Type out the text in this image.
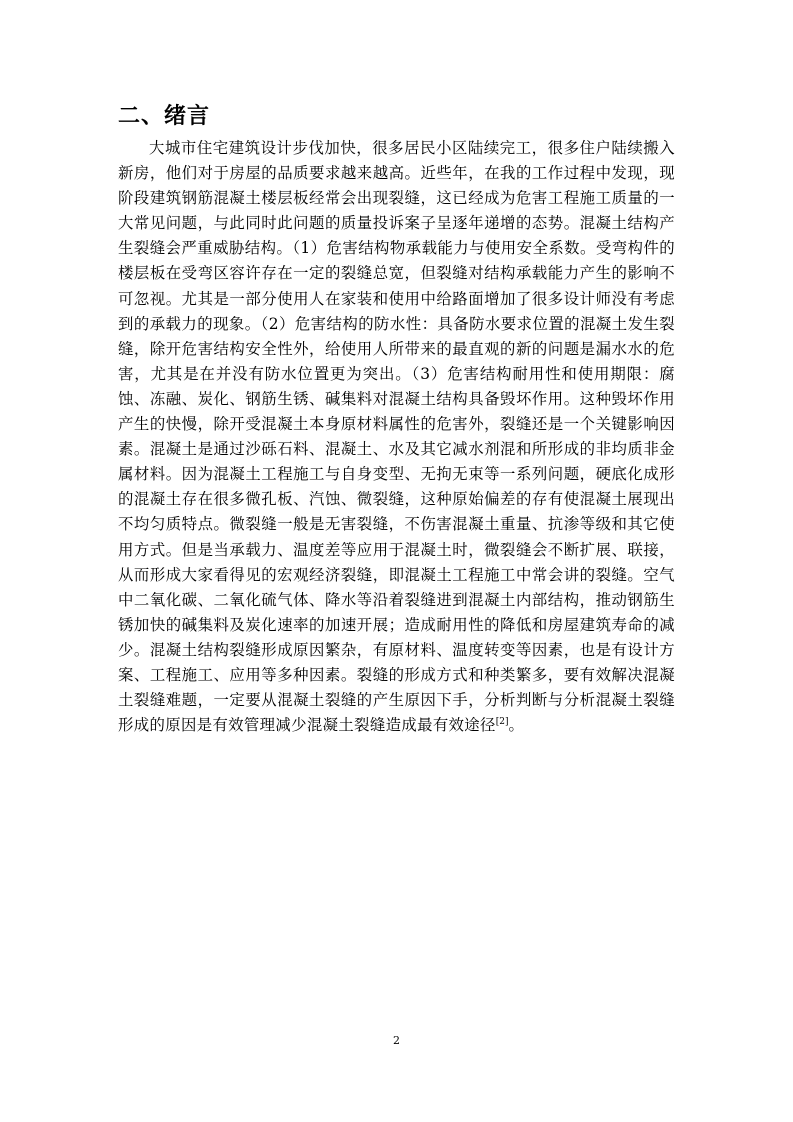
二、绪言

大城市住宅建筑设计步伐加快，很多居民小区陆续完工，很多住户陆续搬入新房，他们对于房屋的品质要求越来越高。近些年，在我的工作过程中发现，现阶段建筑钢筋混凝土楼层板经常会出现裂缝，这已经成为危害工程施工质量的一大常见问题，与此同时此问题的质量投诉案子呈逐年递增的态势。混凝土结构产生裂缝会严重威胁结构。（1）危害结构物承载能力与使用安全系数。受弯构件的楼层板在受弯区容许存在一定的裂缝总宽，但裂缝对结构承载能力产生的影响不可忽视。尤其是一部分使用人在家装和使用中给路面增加了很多设计师没有考虑到的承载力的现象。（2）危害结构的防水性：具备防水要求位置的混凝土发生裂缝，除开危害结构安全性外，给使用人所带来的最直观的新的问题是漏水水的危害，尤其是在并没有防水位置更为突出。（3）危害结构耐用性和使用期限：腐蚀、冻融、炭化、钢筋生锈、碱集料对混凝土结构具备毁坏作用。这种毁坏作用产生的快慢，除开受混凝土本身原材料属性的危害外，裂缝还是一个关键影响因素。混凝土是通过沙砾石料、混凝土、水及其它减水剂混和所形成的非均质非金属材料。因为混凝土工程施工与自身变型、无拘无束等一系列问题，硬底化成形的混凝土存在很多微孔板、汽蚀、微裂缝，这种原始偏差的存有使混凝土展现出不均匀质特点。微裂缝一般是无害裂缝，不伤害混凝土重量、抗渗等级和其它使用方式。但是当承载力、温度差等应用于混凝土时，微裂缝会不断扩展、联接，从而形成大家看得见的宏观经济裂缝，即混凝土工程施工中常会讲的裂缝。空气中二氧化碳、二氧化硫气体、降水等沿着裂缝进到混凝土内部结构，推动钢筋生锈加快的碱集料及炭化速率的加速开展；造成耐用性的降低和房屋建筑寿命的减少。混凝土结构裂缝形成原因繁杂，有原材料、温度转变等因素，也是有设计方案、工程施工、应用等多种因素。裂缝的形成方式和种类繁多，要有效解决混凝土裂缝难题，一定要从混凝土裂缝的产生原因下手，分析判断与分析混凝土裂缝形成的原因是有效管理减少混凝土裂缝造成最有效途径[2]。

2
